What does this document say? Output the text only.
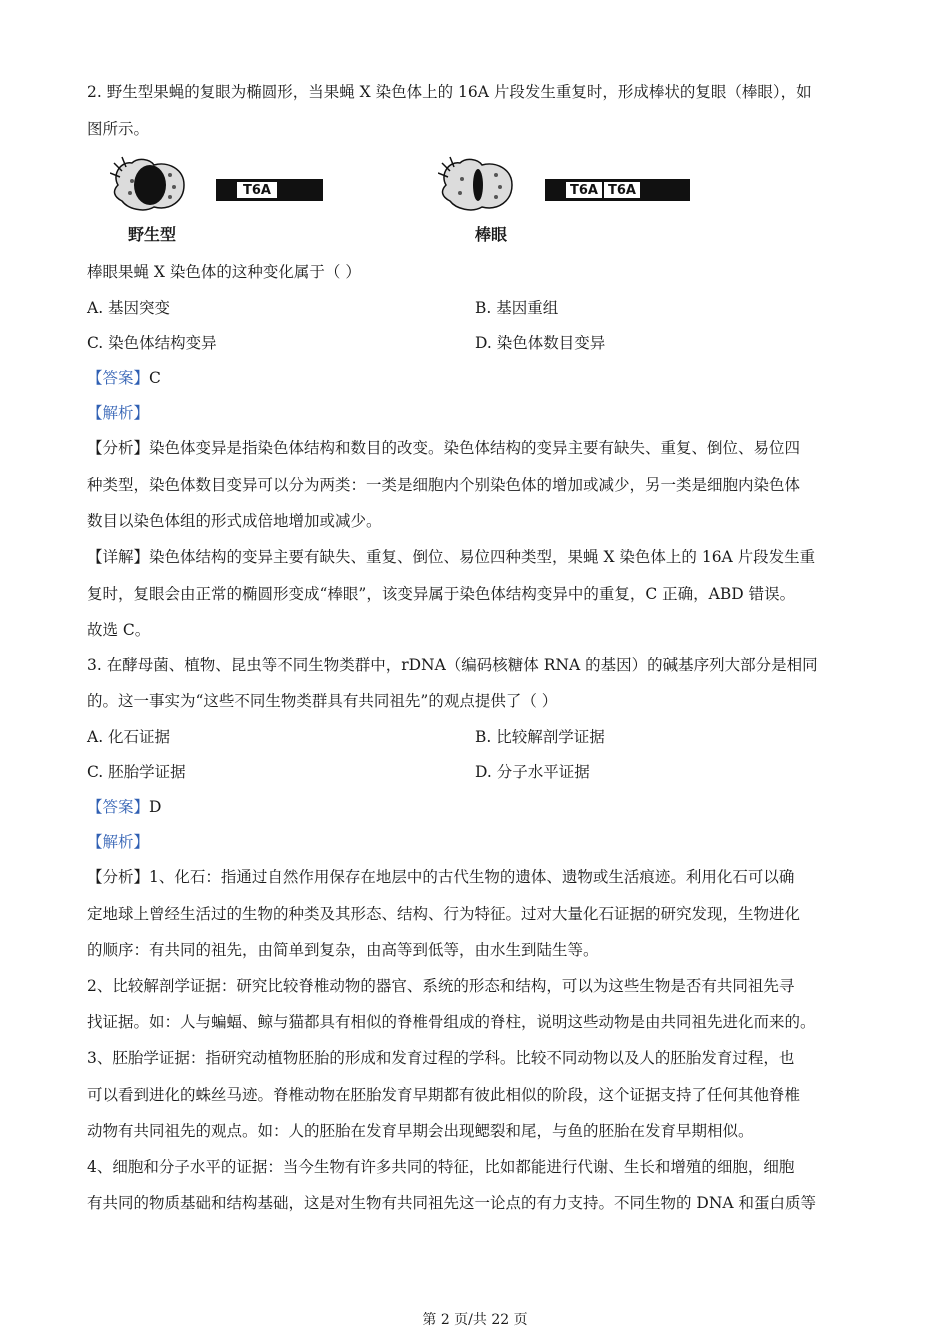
2. 野生型果蝇的复眼为椭圆形，当果蝇 X 染色体上的 16A 片段发生重复时，形成棒状的复眼（棒眼），如
图所示。
野生型
T6A
棒眼
T6A T6A
棒眼果蝇 X 染色体的这种变化属于（ ）
A. 基因突变	B. 基因重组
C. 染色体结构变异	D. 染色体数目变异
【答案】C
【解析】
【分析】染色体变异是指染色体结构和数目的改变。染色体结构的变异主要有缺失、重复、倒位、易位四
种类型，染色体数目变异可以分为两类：一类是细胞内个别染色体的增加或减少，另一类是细胞内染色体
数目以染色体组的形式成倍地增加或减少。
【详解】染色体结构的变异主要有缺失、重复、倒位、易位四种类型，果蝇 X 染色体上的 16A 片段发生重
复时，复眼会由正常的椭圆形变成“棒眼”，该变异属于染色体结构变异中的重复，C 正确，ABD 错误。
故选 C。
3. 在酵母菌、植物、昆虫等不同生物类群中，rDNA（编码核糖体 RNA 的基因）的碱基序列大部分是相同
的。这一事实为“这些不同生物类群具有共同祖先”的观点提供了（ ）
A. 化石证据	B. 比较解剖学证据
C. 胚胎学证据	D. 分子水平证据
【答案】D
【解析】
【分析】1、化石：指通过自然作用保存在地层中的古代生物的遗体、遗物或生活痕迹。利用化石可以确
定地球上曾经生活过的生物的种类及其形态、结构、行为特征。过对大量化石证据的研究发现，生物进化
的顺序：有共同的祖先，由简单到复杂，由高等到低等，由水生到陆生等。
2、比较解剖学证据：研究比较脊椎动物的器官、系统的形态和结构，可以为这些生物是否有共同祖先寻
找证据。如：人与蝙蝠、鲸与猫都具有相似的脊椎骨组成的脊柱，说明这些动物是由共同祖先进化而来的。
3、胚胎学证据：指研究动植物胚胎的形成和发育过程的学科。比较不同动物以及人的胚胎发育过程，也
可以看到进化的蛛丝马迹。脊椎动物在胚胎发育早期都有彼此相似的阶段，这个证据支持了任何其他脊椎
动物有共同祖先的观点。如：人的胚胎在发育早期会出现鳃裂和尾，与鱼的胚胎在发育早期相似。
4、细胞和分子水平的证据：当今生物有许多共同的特征，比如都能进行代谢、生长和增殖的细胞，细胞
有共同的物质基础和结构基础，这是对生物有共同祖先这一论点的有力支持。不同生物的 DNA 和蛋白质等
第 2 页/共 22 页
